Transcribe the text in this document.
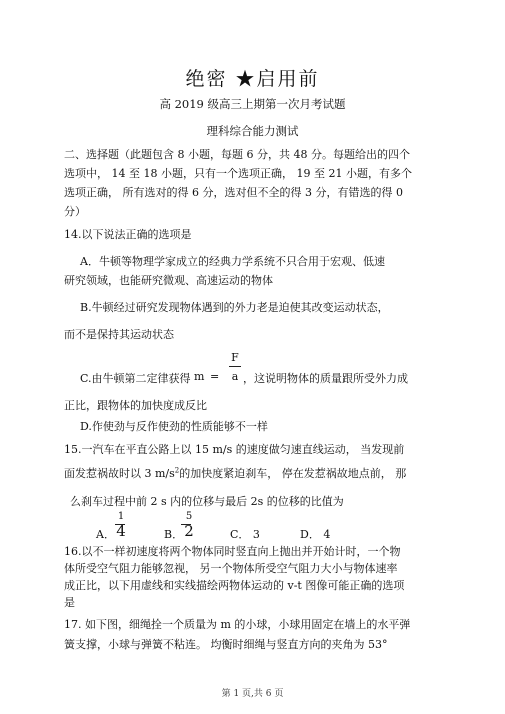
绝密 ★启用前
高 2019 级高三上期第一次月考试题
理科综合能力测试
二、选择题（此题包含 8 小题，每题 6 分，共 48 分。每题给出的四个
选项中， 14 至 18 小题，只有一个选项正确， 19 至 21 小题，有多个
选项正确， 所有选对的得 6 分，选对但不全的得 3 分，有错选的得 0
分）
14.以下说法正确的选项是
A．牛顿等物理学家成立的经典力学系统不只合用于宏观、低速
研究领域，也能研究微观、高速运动的物体
B.牛顿经过研究发现物体遇到的外力老是迫使其改变运动状态，
而不是保持其运动状态
F
C.由牛顿第二定律获得 m =	a ，这说明物体的质量跟所受外力成
正比，跟物体的加快度成反比
D.作使劲与反作使劲的性质能够不一样
15.一汽车在平直公路上以 15 m/s 的速度做匀速直线运动， 当发现前
面发惹祸故时以 3 $m/s^2$的加快度紧迫刹车， 停在发惹祸故地点前， 那
么刹车过程中前 2 s 内的位移与最后 2s 的位移的比值为
1
A． 4
5
B． 2	C． 3	D． 4
16.以不一样初速度将两个物体同时竖直向上抛出并开始计时，一个物
体所受空气阻力能够忽视， 另一个物体所受空气阻力大小与物体速率
成正比，以下用虚线和实线描绘两物体运动的 v-t 图像可能正确的选项
是
17. 如下图，细绳拴一个质量为 m 的小球，小球用固定在墙上的水平弹
簧支撑，小球与弹簧不粘连。 均衡时细绳与竖直方向的夹角为 53°
第 1 页,共 6 页
